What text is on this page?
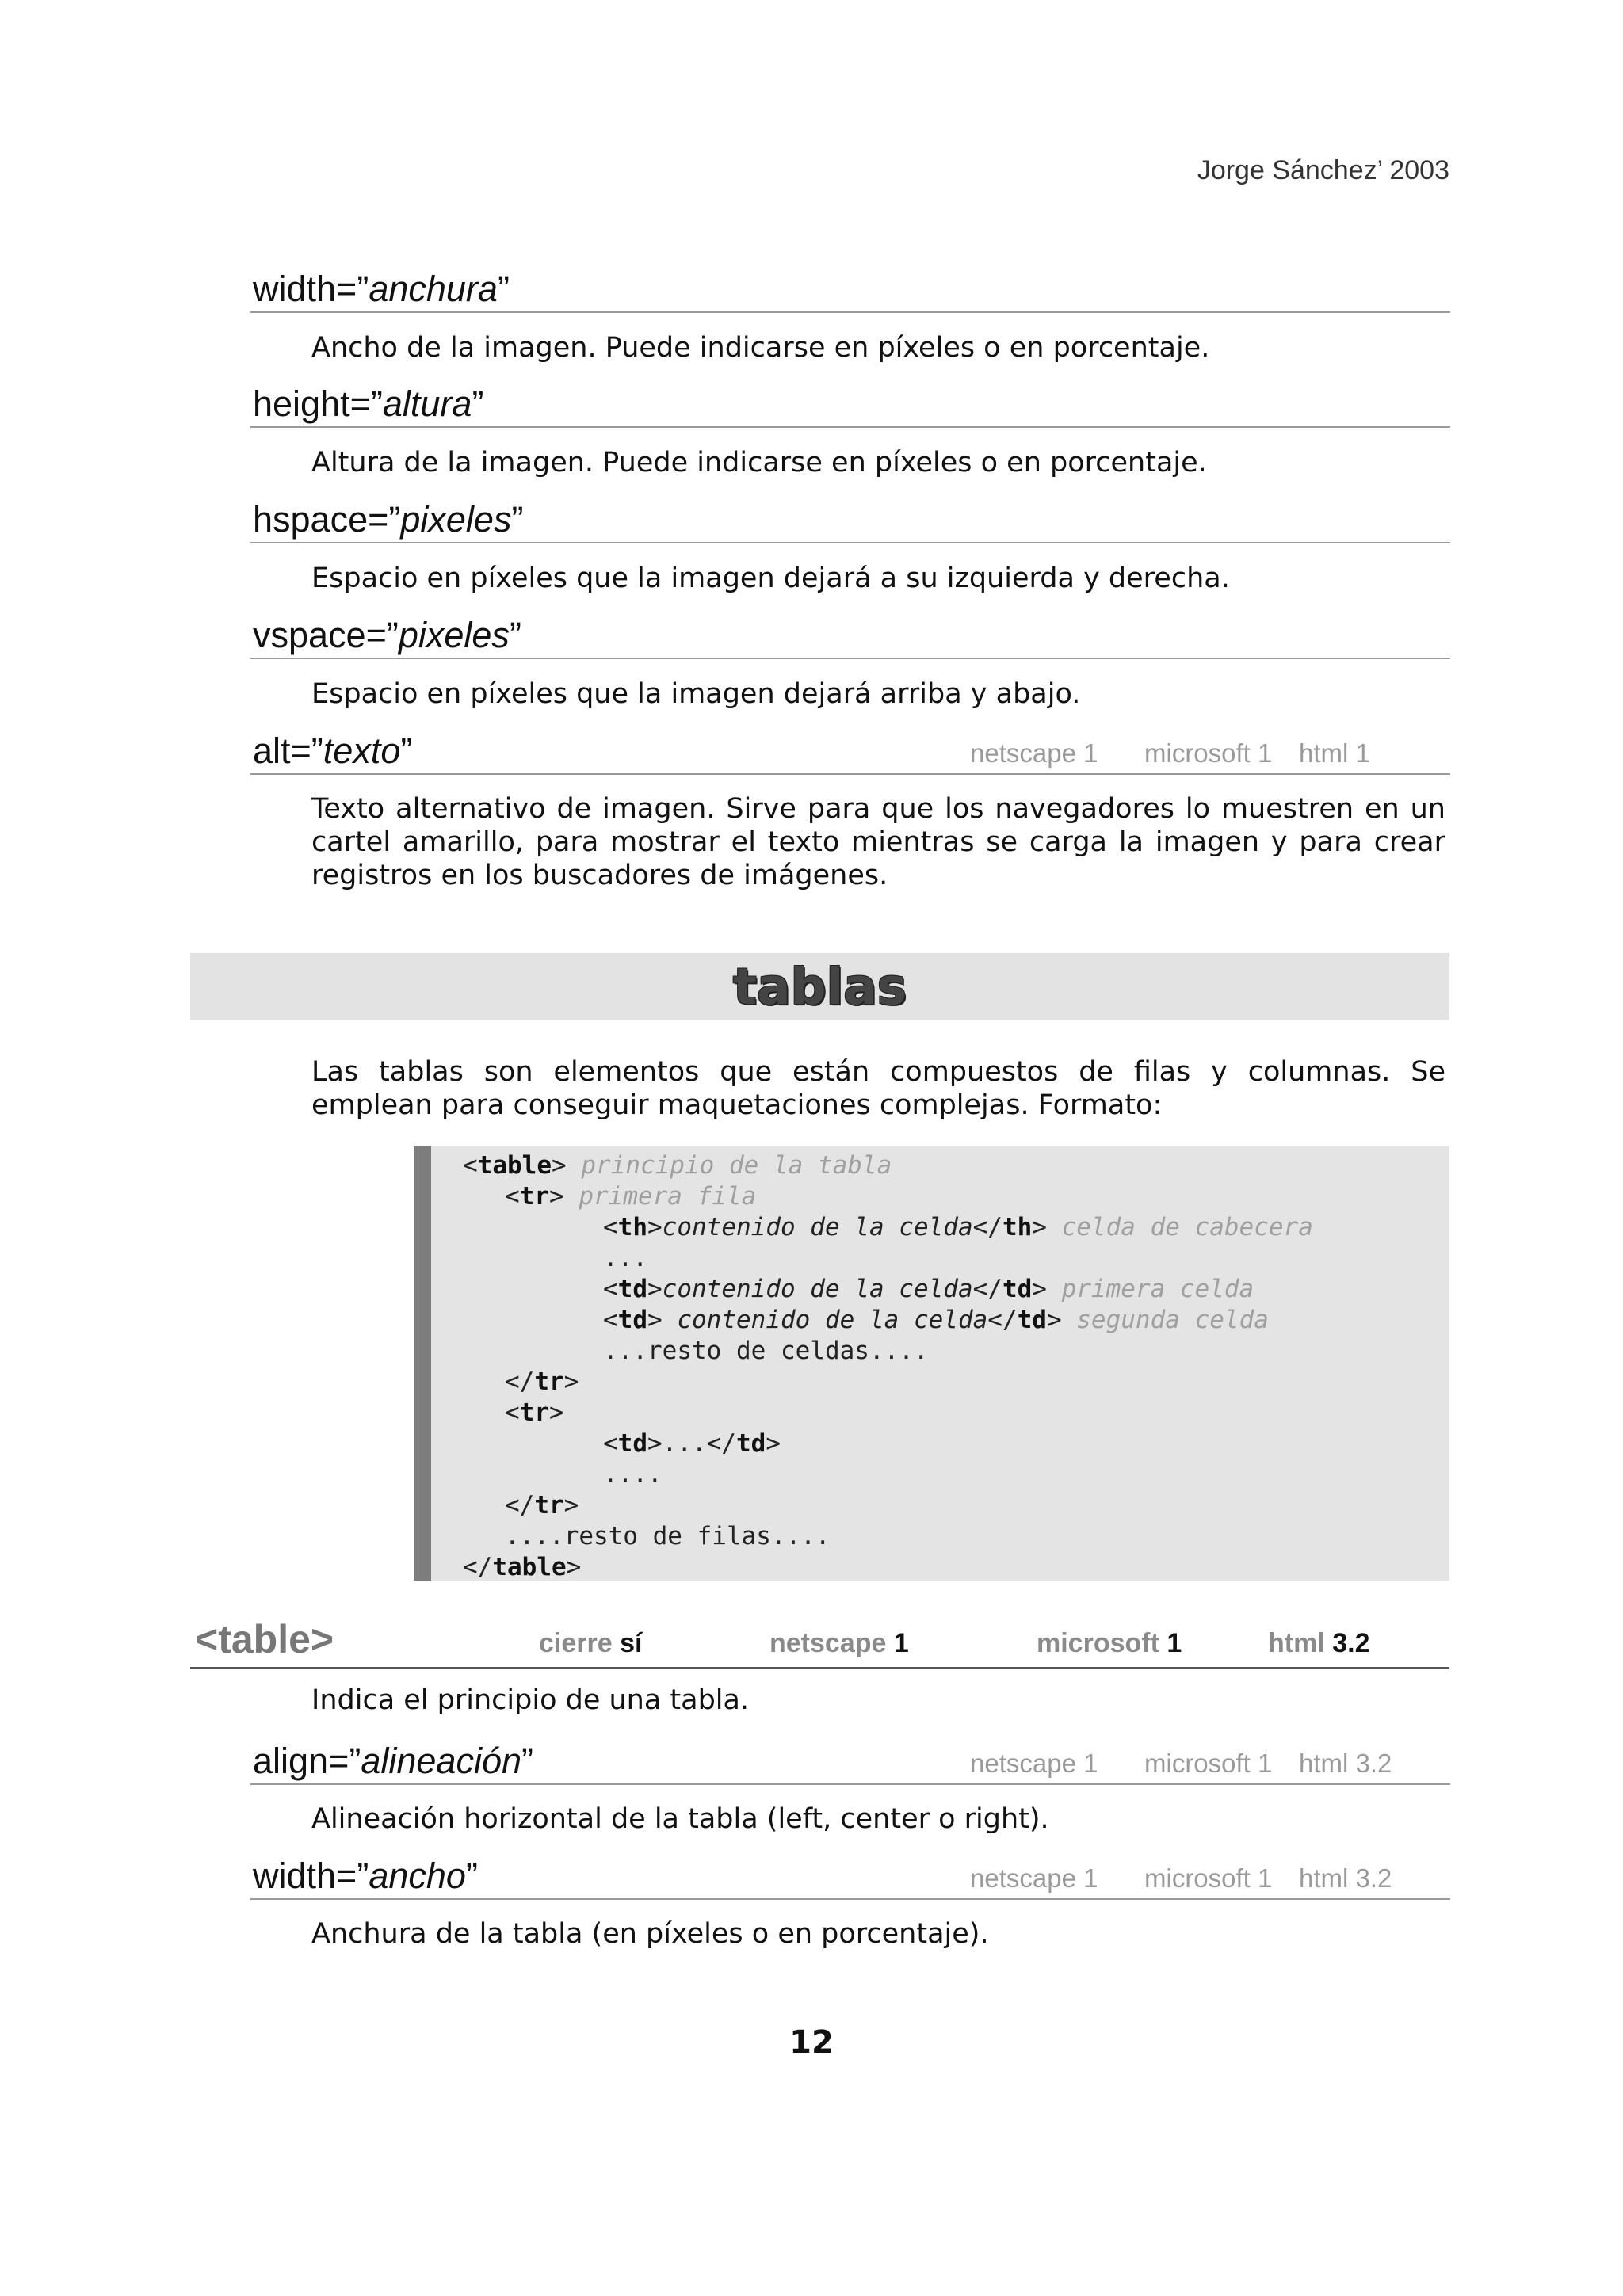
Jorge Sánchez’ 2003
width=”anchura”
Ancho de la imagen. Puede indicarse en píxeles o en porcentaje.
height=”altura”
Altura de la imagen. Puede indicarse en píxeles o en porcentaje.
hspace=”pixeles”
Espacio en píxeles que la imagen dejará a su izquierda y derecha.
vspace=”pixeles”
Espacio en píxeles que la imagen dejará arriba y abajo.
alt=”texto”	netscape 1 microsoft 1 html 1
Texto alternativo de imagen. Sirve para que los navegadores lo muestren en un cartel amarillo, para mostrar el texto mientras se carga la imagen y para crear registros en los buscadores de imágenes.
tablas
Las tablas son elementos que están compuestos de filas y columnas. Se emplean para conseguir maquetaciones complejas. Formato:
<table> principio de la tabla
<tr> primera fila
<th>contenido de la celda</th> celda de cabecera
...
<td>contenido de la celda</td> primera celda
<td> contenido de la celda</td> segunda celda
...resto de celdas....
</tr>
<tr>
<td>...</td>
....
</tr>
....resto de filas....
</table>
<table>	cierre sí	netscape 1	microsoft 1	html 3.2
Indica el principio de una tabla.
align=”alineación”	netscape 1 microsoft 1 html 3.2
Alineación horizontal de la tabla (left, center o right).
width=”ancho”	netscape 1 microsoft 1 html 3.2
Anchura de la tabla (en píxeles o en porcentaje).
12
